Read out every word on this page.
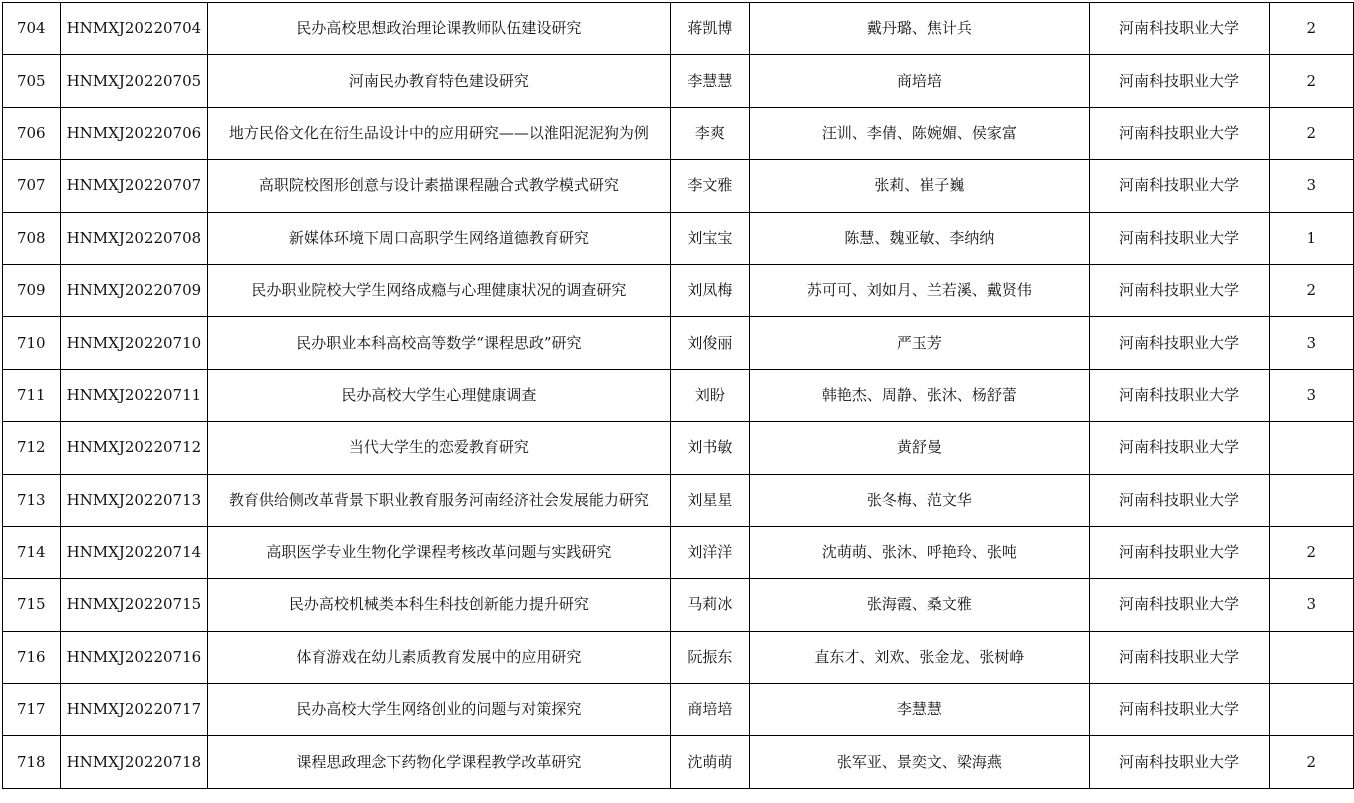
704	HNMXJ20220704	民办高校思想政治理论课教师队伍建设研究	蒋凯博	戴丹璐、焦计兵	河南科技职业大学	2
705	HNMXJ20220705	河南民办教育特色建设研究	李慧慧	商培培	河南科技职业大学	2
706	HNMXJ20220706	地方民俗文化在衍生品设计中的应用研究——以淮阳泥泥狗为例	李爽	汪训、李倩、陈婉媚、侯家富	河南科技职业大学	2
707	HNMXJ20220707	高职院校图形创意与设计素描课程融合式教学模式研究	李文雅	张莉、崔子巍	河南科技职业大学	3
708	HNMXJ20220708	新媒体环境下周口高职学生网络道德教育研究	刘宝宝	陈慧、魏亚敏、李纳纳	河南科技职业大学	1
709	HNMXJ20220709	民办职业院校大学生网络成瘾与心理健康状况的调查研究	刘凤梅	苏可可、刘如月、兰若溪、戴贤伟	河南科技职业大学	2
710	HNMXJ20220710	民办职业本科高校高等数学“课程思政”研究	刘俊丽	严玉芳	河南科技职业大学	3
711	HNMXJ20220711	民办高校大学生心理健康调查	刘盼	韩艳杰、周静、张沐、杨舒蕾	河南科技职业大学	3
712	HNMXJ20220712	当代大学生的恋爱教育研究	刘书敏	黄舒曼	河南科技职业大学	
713	HNMXJ20220713	教育供给侧改革背景下职业教育服务河南经济社会发展能力研究	刘星星	张冬梅、范文华	河南科技职业大学	
714	HNMXJ20220714	高职医学专业生物化学课程考核改革问题与实践研究	刘洋洋	沈萌萌、张沐、呼艳玲、张吨	河南科技职业大学	2
715	HNMXJ20220715	民办高校机械类本科生科技创新能力提升研究	马莉冰	张海霞、桑文雅	河南科技职业大学	3
716	HNMXJ20220716	体育游戏在幼儿素质教育发展中的应用研究	阮振东	直东才、刘欢、张金龙、张树峥	河南科技职业大学	
717	HNMXJ20220717	民办高校大学生网络创业的问题与对策探究	商培培	李慧慧	河南科技职业大学	
718	HNMXJ20220718	课程思政理念下药物化学课程教学改革研究	沈萌萌	张军亚、景奕文、梁海燕	河南科技职业大学	2
